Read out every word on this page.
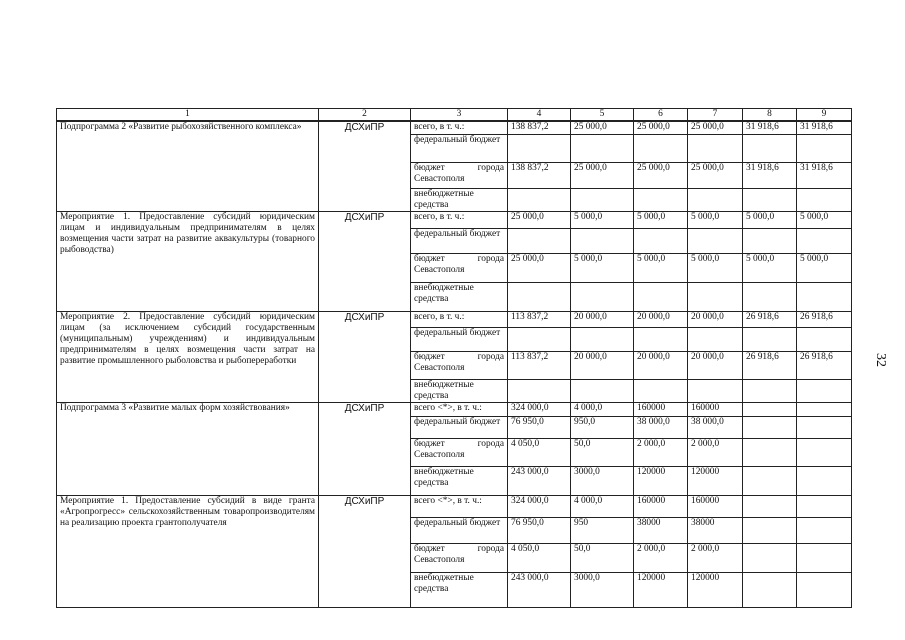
1	2	3	4	5	6	7	8	9
Подпрограмма 2 «Развитие рыбохозяйственного комплекса»	ДСХиПР	всего, в т. ч.:	138 837,2	25 000,0	25 000,0	25 000,0	31 918,6	31 918,6
		федеральный бюджет						
		бюджет города Севастополя	138 837,2	25 000,0	25 000,0	25 000,0	31 918,6	31 918,6
		внебюджетные средства						
Мероприятие 1. Предоставление субсидий юридическим лицам и индивидуальным предпринимателям в целях возмещения части затрат на развитие аквакультуры (товарного рыбоводства)	ДСХиПР	всего, в т. ч.:	25 000,0	5 000,0	5 000,0	5 000,0	5 000,0	5 000,0
		федеральный бюджет						
		бюджет города Севастополя	25 000,0	5 000,0	5 000,0	5 000,0	5 000,0	5 000,0
		внебюджетные средства						
Мероприятие 2. Предоставление субсидий юридическим лицам (за исключением субсидий государственным (муниципальным) учреждениям) и индивидуальным предпринимателям в целях возмещения части затрат на развитие промышленного рыболовства и рыбопереработки	ДСХиПР	всего, в т. ч.:	113 837,2	20 000,0	20 000,0	20 000,0	26 918,6	26 918,6
		федеральный бюджет						
		бюджет города Севастополя	113 837,2	20 000,0	20 000,0	20 000,0	26 918,6	26 918,6
		внебюджетные средства						
Подпрограмма 3 «Развитие малых форм хозяйствования»	ДСХиПР	всего <*>, в т. ч.:	324 000,0	4 000,0	160000	160000		
		федеральный бюджет	76 950,0	950,0	38 000,0	38 000,0		
		бюджет города Севастополя	4 050,0	50,0	2 000,0	2 000,0		
		внебюджетные средства	243 000,0	3000,0	120000	120000		
Мероприятие 1. Предоставление субсидий в виде гранта «Агропрогресс» сельскохозяйственным товаропроизводителям на реализацию проекта грантополучателя	ДСХиПР	всего <*>, в т. ч.:	324 000,0	4 000,0	160000	160000		
		федеральный бюджет	76 950,0	950	38000	38000		
		бюджет города Севастополя	4 050,0	50,0	2 000,0	2 000,0		
		внебюджетные средства	243 000,0	3000,0	120000	120000		
32
